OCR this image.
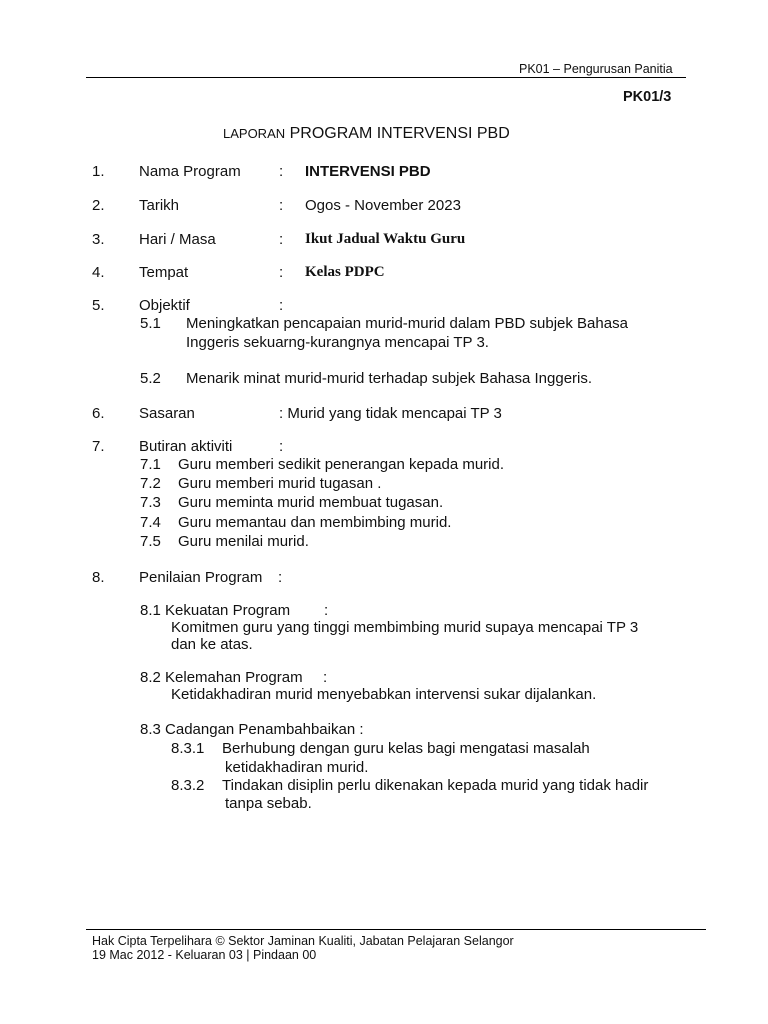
PK01 – Pengurusan Panitia
PK01/3
LAPORAN PROGRAM INTERVENSI PBD
1. Nama Program	: INTERVENSI PBD
2. Tarikh	: Ogos - November 2023
3. Hari / Masa	: Ikut Jadual Waktu Guru
4. Tempat	: Kelas PDPC
5. Objektif	:
5.1 Meningkatkan pencapaian murid-murid dalam PBD subjek Bahasa
Inggeris sekuarng-kurangnya mencapai TP 3.
5.2 Menarik minat murid-murid terhadap subjek Bahasa Inggeris.
6. Sasaran	: Murid yang tidak mencapai TP 3
7. Butiran aktiviti	:
7.1 Guru memberi sedikit penerangan kepada murid.
7.2 Guru memberi murid tugasan .
7.3 Guru meminta murid membuat tugasan.
7.4 Guru memantau dan membimbing murid.
7.5 Guru menilai murid.
8. Penilaian Program :
8.1 Kekuatan Program :
Komitmen guru yang tinggi membimbing murid supaya mencapai TP 3
dan ke atas.
8.2 Kelemahan Program :
Ketidakhadiran murid menyebabkan intervensi sukar dijalankan.
8.3 Cadangan Penambahbaikan :
8.3.1 Berhubung dengan guru kelas bagi mengatasi masalah
ketidakhadiran murid.
8.3.2 Tindakan disiplin perlu dikenakan kepada murid yang tidak hadir
tanpa sebab.
Hak Cipta Terpelihara © Sektor Jaminan Kualiti, Jabatan Pelajaran Selangor
19 Mac 2012 - Keluaran 03 | Pindaan 00
